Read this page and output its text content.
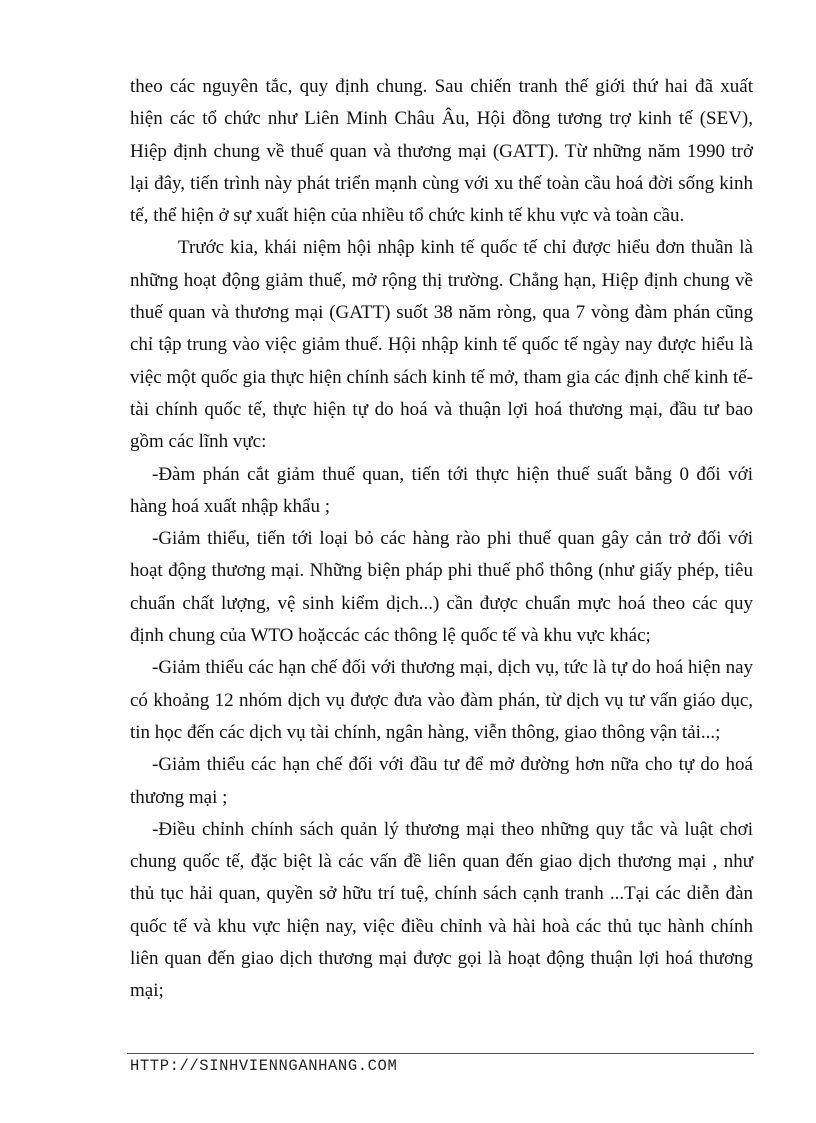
theo các nguyên tắc, quy định chung. Sau chiến tranh thế giới thứ hai đã xuất hiện các tổ chức như Liên Minh Châu Âu, Hội đồng tương trợ kinh tế (SEV), Hiệp định chung về thuế quan và thương mại (GATT). Từ những năm 1990 trở lại đây, tiến trình này phát triển mạnh cùng với xu thế toàn cầu hoá đời sống kinh tế, thể hiện ở sự xuất hiện của nhiều tổ chức kinh tế khu vực và toàn cầu.

Trước kia, khái niệm hội nhập kinh tế quốc tế chỉ được hiểu đơn thuần là những hoạt động giảm thuế, mở rộng thị trường. Chẳng hạn, Hiệp định chung về thuế quan và thương mại (GATT) suốt 38 năm ròng, qua 7 vòng đàm phán cũng chỉ tập trung vào việc giảm thuế. Hội nhập kinh tế quốc tế ngày nay được hiểu là việc một quốc gia thực hiện chính sách kinh tế mở, tham gia các định chế kinh tế-tài chính quốc tế, thực hiện tự do hoá và thuận lợi hoá thương mại, đầu tư bao gồm các lĩnh vực:

-Đàm phán cắt giảm thuế quan, tiến tới thực hiện thuế suất bằng 0 đối với hàng hoá xuất nhập khẩu ;

-Giảm thiểu, tiến tới loại bỏ các hàng rào phi thuế quan gây cản trở đối với hoạt động thương mại. Những biện pháp phi thuế phổ thông (như giấy phép, tiêu chuẩn chất lượng, vệ sinh kiểm dịch...) cần được chuẩn mực hoá theo các quy định chung của WTO hoặccác các thông lệ quốc tế và khu vực khác;

-Giảm thiểu các hạn chế đối với thương mại, dịch vụ, tức là tự do hoá hiện nay có khoảng 12 nhóm dịch vụ được đưa vào đàm phán, từ dịch vụ tư vấn giáo dục, tin học đến các dịch vụ tài chính, ngân hàng, viễn thông, giao thông vận tải...;

-Giảm thiểu các hạn chế đối với đầu tư để mở đường hơn nữa cho tự do hoá thương mại ;

-Điều chỉnh chính sách quản lý thương mại theo những quy tắc và luật chơi chung quốc tế, đặc biệt là các vấn đề liên quan đến giao dịch thương mại , như thủ tục hải quan, quyền sở hữu trí tuệ, chính sách cạnh tranh ...Tại các diễn đàn quốc tế và khu vực hiện nay, việc điều chỉnh và hài hoà các thủ tục hành chính liên quan đến giao dịch thương mại được gọi là hoạt động thuận lợi hoá thương mại;

HTTP://SINHVIENNGANHANG.COM
